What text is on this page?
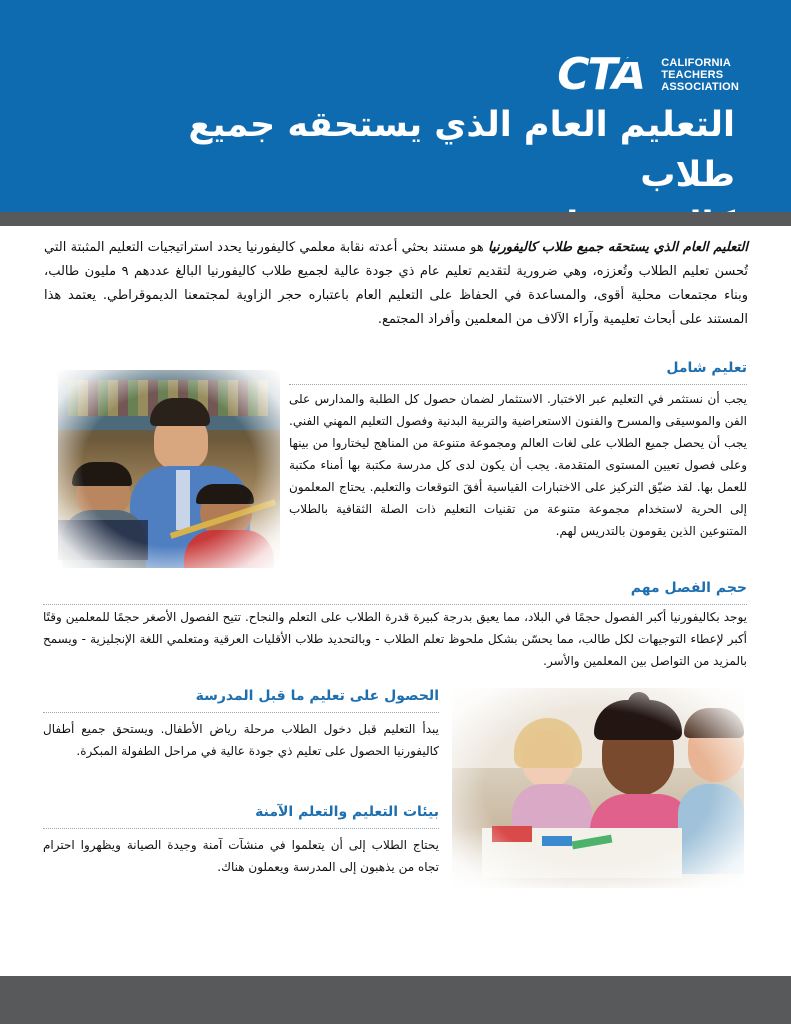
CTA	CALIFORNIA
TEACHERS
ASSOCIATION
التعليم العام الذي يستحقه جميع طلاب
التعليم العام الذي يستحقه جميع طلاب كاليفورنيا هو مستند بحثي أعدته نقابة معلمي كاليفورنيا يحدد استراتيجيات التعليم المثبتة التي تُحسن تعليم الطلاب وتُعززه، وهي ضرورية لتقديم تعليم عام ذي جودة عالية لجميع طلاب كاليفورنيا البالغ عددهم ٩ مليون طالب، وبناء مجتمعات محلية أقوى، والمساعدة في الحفاظ على التعليم العام باعتباره حجر الزاوية لمجتمعنا الديموقراطي. يعتمد هذا المستند على أبحاث تعليمية وآراء الآلاف من المعلمين وأفراد المجتمع.
تعليم شامل
يجب أن نستثمر في التعليم عبر الاختبار. الاستثمار لضمان حصول كل الطلبة والمدارس على الفن والموسيقى والمسرح والفنون الاستعراضية والتربية البدنية وفصول التعليم المهني الفني. يجب أن يحصل جميع الطلاب على لغات العالم ومجموعة متنوعة من المناهج ليختاروا من بينها وعلى فصول تعيين المستوى المتقدمة. يجب أن يكون لدى كل مدرسة مكتبة بها أمناء مكتبة للعمل بها. لقد ضيّق التركيز على الاختبارات القياسية أفقَ التوقعات والتعليم. يحتاج المعلمون إلى الحرية لاستخدام مجموعة متنوعة من تقنيات التعليم ذات الصلة الثقافية بالطلاب المتنوعين الذين يقومون بالتدريس لهم.
حجم الفصل مهم
يوجد بكاليفورنيا أكبر الفصول حجمًا في البلاد، مما يعيق بدرجة كبيرة قدرة الطلاب على التعلم والنجاح. تتيح الفصول الأصغر حجمًا للمعلمين وقتًا أكبر لإعطاء التوجيهات لكل طالب، مما يحسّن بشكل ملحوظ تعلم الطلاب - وبالتحديد طلاب الأقليات العرقية ومتعلمي اللغة الإنجليزية - ويسمح بالمزيد من التواصل بين المعلمين والأسر.
الحصول على تعليم ما قبل المدرسة
يبدأ التعليم قبل دخول الطلاب مرحلة رياض الأطفال. ويستحق جميع أطفال كاليفورنيا الحصول على تعليم ذي جودة عالية في مراحل الطفولة المبكرة.
بيئات التعليم والتعلم الآمنة
يحتاج الطلاب إلى أن يتعلموا في منشآت آمنة وجيدة الصيانة ويظهروا احترام تجاه من يذهبون إلى المدرسة ويعملون هناك.
